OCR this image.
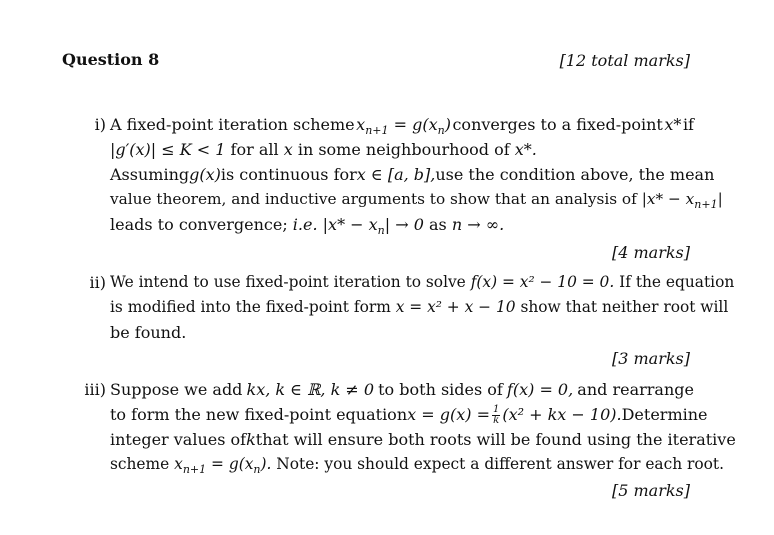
Question 8	[12 total marks]
i) A fixed-point iteration scheme $x_{n+1} = g(x_n)$ converges to a fixed-point x* if
|g′(x)| ≤ K < 1 for all x in some neighbourhood of x*.
Assuming g(x) is continuous for x ∈ [a, b], use the condition above, the mean
value theorem, and inductive arguments to show that an analysis of $|x* - x_{n+1}|$
leads to convergence; i.e. $|x* - x_n| \to 0$ as n → ∞.
[4 marks]
ii) We intend to use fixed-point iteration to solve f(x) = x² − 10 = 0. If the equation
is modified into the fixed-point form x = x² + x − 10 show that neither root will
be found.
[3 marks]
iii) Suppose we add kx, k ∈ ℝ, k ≠ 0 to both sides of f(x) = 0, and rearrange
to form the new fixed-point equation $x = g(x) = \frac{1}{k} (x^2$ + kx − 10). Determine
integer values of k that will ensure both roots will be found using the iterative
scheme $x_{n+1} = g(x_n)$. Note: you should expect a different answer for each root.
[5 marks]
